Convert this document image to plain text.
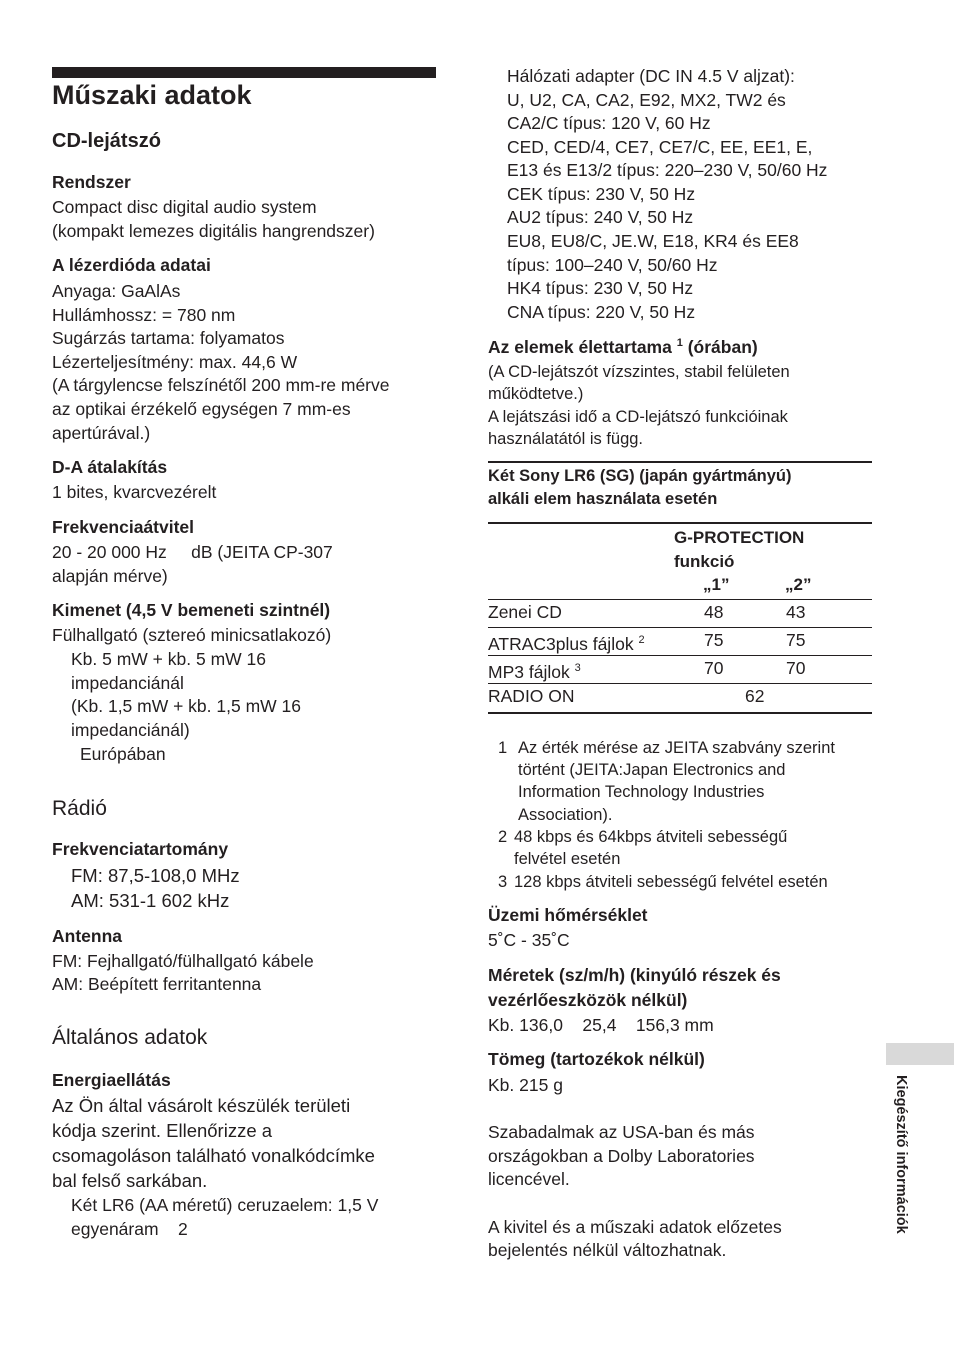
Műszaki adatok
CD-lejátszó
Rendszer
Compact disc digital audio system
(kompakt lemezes digitális hangrendszer)
A lézerdióda adatai
Anyaga: GaAlAs
Hullámhossz: = 780 nm
Sugárzás tartama: folyamatos
Lézerteljesítmény: max. 44,6 W
(A tárgylencse felszínétől 200 mm-re mérve
az optikai érzékelő egységen 7 mm-es
apertúrával.)
D-A átalakítás
1 bites, kvarcvezérelt
Frekvenciaátvitel
20 - 20 000 Hz     dB (JEITA CP-307
alapján mérve)
Kimenet (4,5 V bemeneti szintnél)
Fülhallgató (sztereó minicsatlakozó)
Kb. 5 mW + kb. 5 mW 16
impedanciánál
(Kb. 1,5 mW + kb. 1,5 mW 16
impedanciánál)
Európában
Rádió
Frekvenciatartomány
FM: 87,5-108,0 MHz
AM: 531-1 602 kHz
Antenna
FM: Fejhallgató/fülhallgató kábele
AM: Beépített ferritantenna
Általános adatok
Energiaellátás
Az Ön által vásárolt készülék területi
kódja szerint. Ellenőrizze a
csomagoláson található vonalkódcímke
bal felső sarkában.
Két LR6 (AA méretű) ceruzaelem: 1,5 V
egyenáram    2
Hálózati adapter (DC IN 4.5 V aljzat):
U, U2, CA, CA2, E92, MX2, TW2 és
CA2/C típus: 120 V, 60 Hz
CED, CED/4, CE7, CE7/C, EE, EE1, E,
E13 és E13/2 típus: 220–230 V, 50/60 Hz
CEK típus: 230 V, 50 Hz
AU2 típus: 240 V, 50 Hz
EU8, EU8/C, JE.W, E18, KR4 és EE8
típus: 100–240 V, 50/60 Hz
HK4 típus: 230 V, 50 Hz
CNA típus: 220 V, 50 Hz
Az elemek élettartama $^1$ (órában)
(A CD-lejátszót vízszintes, stabil felületen
működtetve.)
A lejátszási idő a CD-lejátszó funkcióinak
használatától is függ.
Két Sony LR6 (SG) (japán gyártmányú)
alkáli elem használata esetén
G-PROTECTION
funkció
„1”	„2”
Zenei CD	48	43
ATRAC3plus fájlok $^2$	75	75
MP3 fájlok $^3$	70	70
RADIO ON	62
1 Az érték mérése az JEITA szabvány szerint
történt (JEITA:Japan Electronics and
Information Technology Industries
Association).
2 48 kbps és 64kbps átviteli sebességű
felvétel esetén
3 128 kbps átviteli sebességű felvétel esetén
Üzemi hőmérséklet
5˚C - 35˚C
Méretek (sz/m/h) (kinyúló részek és
vezérlőeszközök nélkül)
Kb. 136,0    25,4    156,3 mm
Tömeg (tartozékok nélkül)
Kb. 215 g
Szabadalmak az USA-ban és más
országokban a Dolby Laboratories
licencével.
A kivitel és a műszaki adatok előzetes
bejelentés nélkül változhatnak.
Kiegészítő információk
